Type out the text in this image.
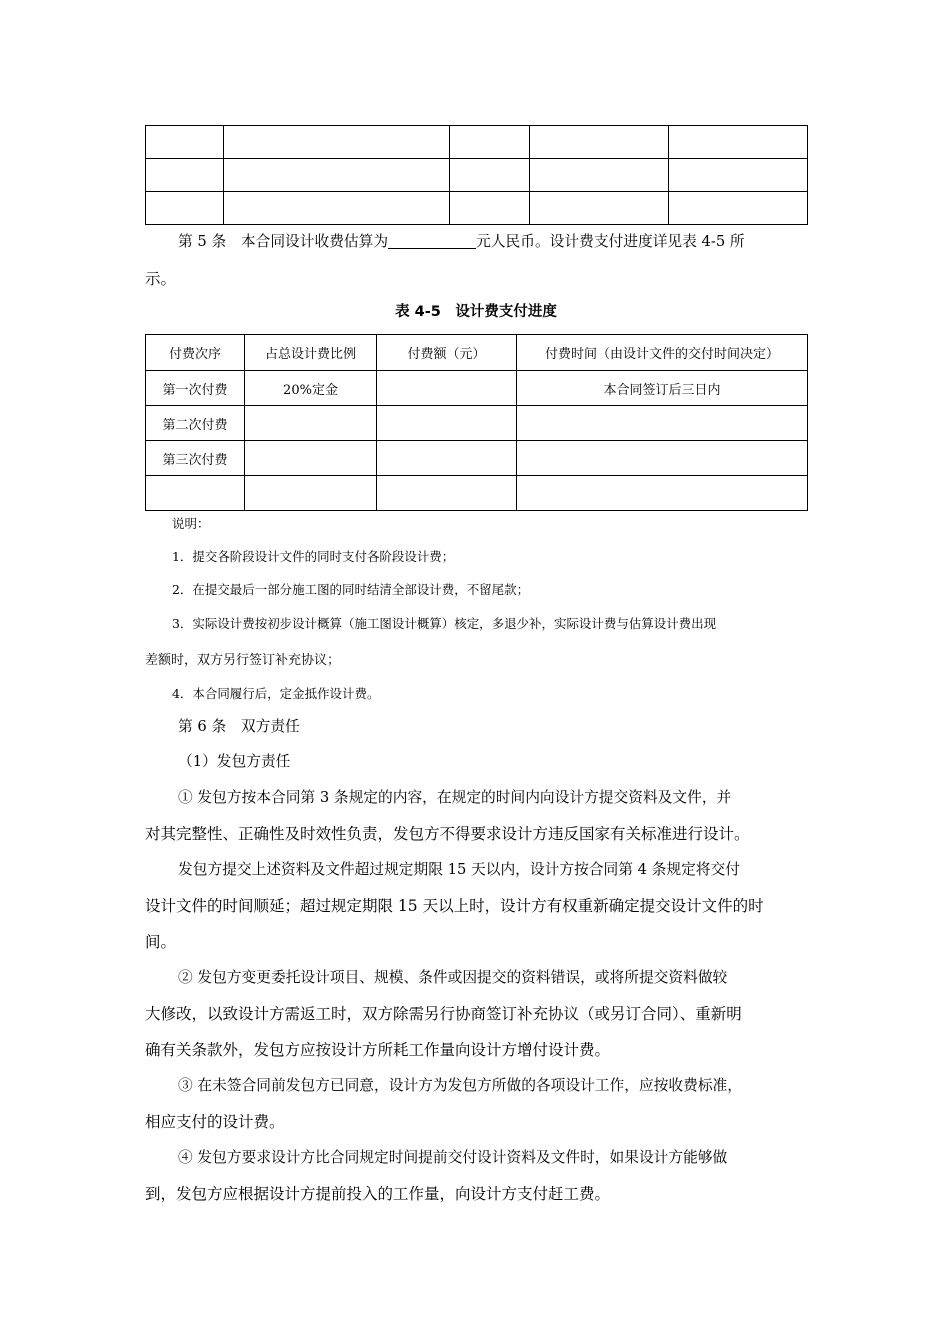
第 5 条　本合同设计收费估算为	元人民币。设计费支付进度详见表 4-5 所
示。
表 4-5　设计费支付进度
付费次序	占总设计费比例	付费额（元）	付费时间（由设计文件的交付时间决定）
第一次付费	20%定金		本合同签订后三日内
第二次付费			
第三次付费			

说明：
1．提交各阶段设计文件的同时支付各阶段设计费；
2．在提交最后一部分施工图的同时结清全部设计费，不留尾款；
3．实际设计费按初步设计概算（施工图设计概算）核定，多退少补，实际设计费与估算设计费出现
差额时，双方另行签订补充协议；
4．本合同履行后，定金抵作设计费。
第 6 条　双方责任
（1）发包方责任
① 发包方按本合同第 3 条规定的内容，在规定的时间内向设计方提交资料及文件，并
对其完整性、正确性及时效性负责，发包方不得要求设计方违反国家有关标准进行设计。
发包方提交上述资料及文件超过规定期限 15 天以内，设计方按合同第 4 条规定将交付
设计文件的时间顺延；超过规定期限 15 天以上时，设计方有权重新确定提交设计文件的时
间。
② 发包方变更委托设计项目、规模、条件或因提交的资料错误，或将所提交资料做较
大修改，以致设计方需返工时，双方除需另行协商签订补充协议（或另订合同）、重新明
确有关条款外，发包方应按设计方所耗工作量向设计方增付设计费。
③ 在未签合同前发包方已同意，设计方为发包方所做的各项设计工作，应按收费标准，
相应支付的设计费。
④ 发包方要求设计方比合同规定时间提前交付设计资料及文件时，如果设计方能够做
到，发包方应根据设计方提前投入的工作量，向设计方支付赶工费。
